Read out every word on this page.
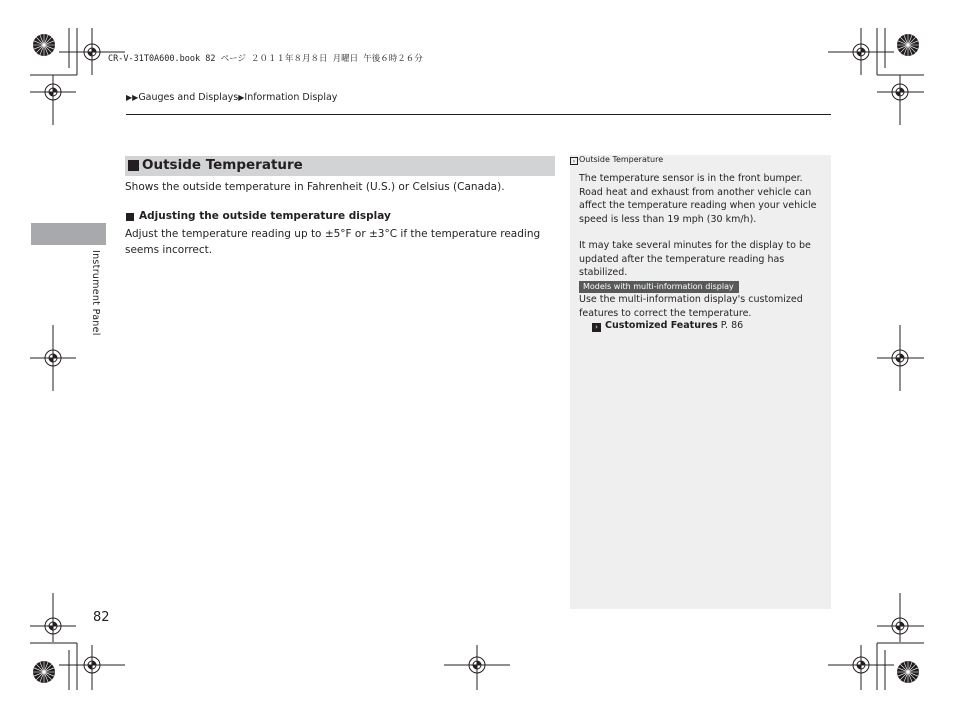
CR-V-31T0A600.book 82 ページ ２０１１年８月８日 月曜日 午後６時２６分
▶▶Gauges and Displays▶Information Display
Instrument Panel
Outside Temperature
Shows the outside temperature in Fahrenheit (U.S.) or Celsius (Canada).
Adjusting the outside temperature display
Adjust the temperature reading up to ±5°F or ±3°C if the temperature reading seems incorrect.
› Outside Temperature
The temperature sensor is in the front bumper. Road heat and exhaust from another vehicle can affect the temperature reading when your vehicle speed is less than 19 mph (30 km/h).
It may take several minutes for the display to be updated after the temperature reading has stabilized.
Models with multi-information display
Use the multi-information display's customized features to correct the temperature.
› Customized Features P. 86
82
